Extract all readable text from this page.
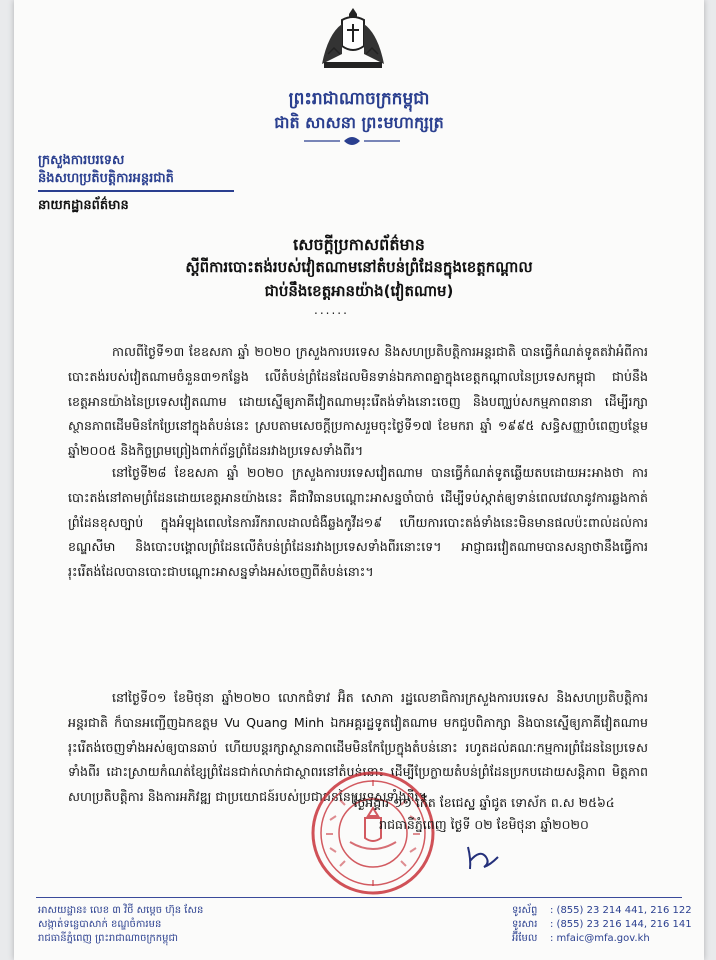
ព្រះរាជាណាចក្រកម្ពុជា
ជាតិ សាសនា ព្រះមហាក្សត្រ
ក្រសួងការបរទេស
និងសហប្រតិបត្តិការអន្តរជាតិ
នាយកដ្ឋានព័ត៌មាន
សេចក្តីប្រកាសព័ត៌មាន
ស្តីពីការបោះតង់របស់វៀតណាមនៅតំបន់ព្រំដែនក្នុងខេត្តកណ្តាល
ជាប់នឹងខេត្តអានយ៉ាង(វៀតណាម)
......

កាលពីថ្ងៃទី១៣ ខែឧសភា ឆ្នាំ ២០២០ ក្រសួងការបរទេស និងសហប្រតិបត្តិការអន្តរជាតិ បានធ្វើកំណត់ទូតតវ៉ាអំពីការបោះតង់របស់វៀតណាមចំនួន៣១កន្លែង លើតំបន់ព្រំដែនដែលមិនទាន់ឯកភាពគ្នាក្នុងខេត្តកណ្តាលនៃប្រទេសកម្ពុជា ជាប់នឹងខេត្តអានយ៉ាងនៃប្រទេសវៀតណាម ដោយស្នើឲ្យភាគីវៀតណាមរុះរើតង់ទាំងនោះចេញ និងបញ្ឈប់សកម្មភាពនានា ដើម្បីរក្សាស្ថានភាពដើមមិនកែប្រែនៅក្នុងតំបន់នេះ ស្របតាមសេចក្តីប្រកាសរួមចុះថ្ងៃទី១៧ ខែមករា ឆ្នាំ ១៩៩៥ សន្ធិសញ្ញាបំពេញបន្ថែមឆ្នាំ២០០៥ និងកិច្ចព្រមព្រៀងពាក់ព័ន្ធព្រំដែនរវាងប្រទេសទាំងពីរ។

នៅថ្ងៃទី២៨ ខែឧសភា ឆ្នាំ ២០២០ ក្រសួងការបរទេសវៀតណាម បានធ្វើកំណត់ទូតឆ្លើយតបដោយអះអាងថា ការបោះតង់នៅតាមព្រំដែនដោយខេត្តអានយ៉ាងនេះ គឺជាវិធានបណ្តោះអាសន្នចាំបាច់ ដើម្បីទប់ស្កាត់ឲ្យទាន់ពេលវេលានូវការឆ្លងកាត់ព្រំដែនខុសច្បាប់ ក្នុងអំឡុងពេលនៃការរីករាលដាលជំងឺឆ្លងកូវីដ១៩ ហើយការបោះតង់ទាំងនេះមិនមានផលប៉ះពាល់ដល់ការខណ្ឌសីមា និងបោះបង្គោលព្រំដែនលើតំបន់ព្រំដែនរវាងប្រទេសទាំងពីរនោះទេ។ អាជ្ញាធរវៀតណាមបានសន្យាថានឹងធ្វើការរុះរើតង់ដែលបានបោះជាបណ្តោះអាសន្នទាំងអស់ចេញពីតំបន់នោះ។

នៅថ្ងៃទី០១ ខែមិថុនា ឆ្នាំ២០២០ លោកជំទាវ អ៊ិត សោភា រដ្ឋលេខាធិការក្រសួងការបរទេស និងសហប្រតិបត្តិការអន្តរជាតិ ក៏បានអញ្ជើញឯកឧត្តម Vu Quang Minh ឯកអគ្គរដ្ឋទូតវៀតណាម មកជួបពិភាក្សា និងបានស្នើឲ្យភាគីវៀតណាមរុះរើតង់ចេញទាំងអស់ឲ្យបានឆាប់ ហើយបន្តរក្សាស្ថានភាពដើមមិនកែប្រែក្នុងតំបន់នោះ រហូតដល់គណៈកម្មការព្រំដែននៃប្រទេសទាំងពីរ ដោះស្រាយកំណត់ខ្សែព្រំដែនជាក់លាក់ជាស្ថាពរនៅតំបន់នោះ ដើម្បីប្រែក្លាយតំបន់ព្រំដែនប្រកបដោយសន្តិភាព មិត្តភាព សហប្រតិបត្តិការ និងការអភិវឌ្ឍ ជាប្រយោជន៍របស់ប្រជាជននៃប្រទេសទាំងពីរ។

ថ្ងៃអង្គារ ១១ កើត ខែជេស្ឋ ឆ្នាំជូត ទោស័ក ព.ស ២៥៦៤
រាជធានីភ្នំពេញ ថ្ងៃទី ០២ ខែមិថុនា ឆ្នាំ២០២០
អាសយដ្ឋាន៖ លេខ ៣ វិថី សម្តេច ហ៊ុន សែន
សង្កាត់ទន្លេបាសាក់ ខណ្ឌចំការមន
រាជធានីភ្នំពេញ ព្រះរាជាណាចក្រកម្ពុជា
ទូរស័ព្ទ : (855) 23 214 441, 216 122
ទូរសារ : (855) 23 216 144, 216 141
អ៊ីមែល : mfaic@mfa.gov.kh
